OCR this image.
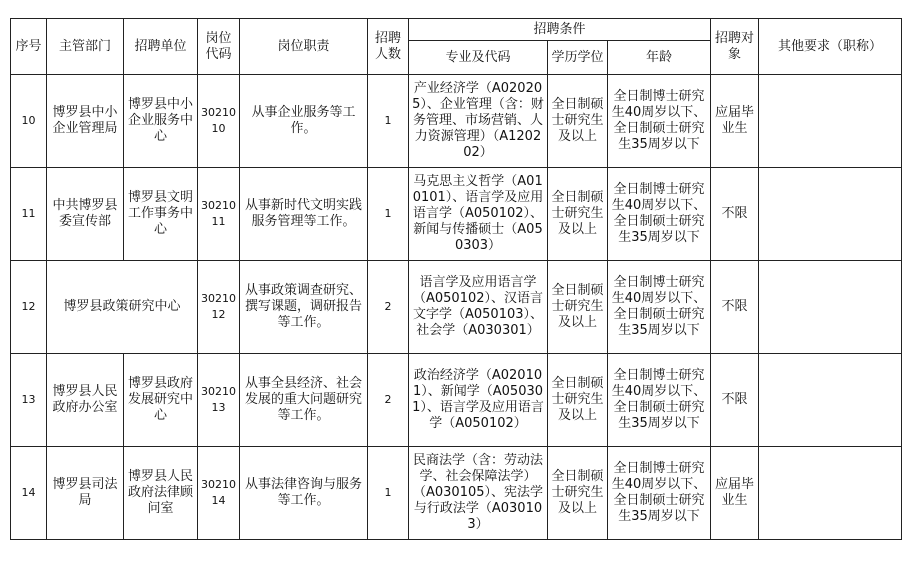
序号	主管部门	招聘单位	岗位代码	岗位职责	招聘人数	招聘条件			招聘对象	其他要求（职称）
						专业及代码	学历学位	年龄		
10	博罗县中小企业管理局	博罗县中小企业服务中心	3021010	从事企业服务等工作。	1	产业经济学（A020205）、企业管理（含：财务管理、市场营销、人力资源管理）（A120202）	全日制硕士研究生及以上	全日制博士研究生40周岁以下、全日制硕士研究生35周岁以下	应届毕业生	
11	中共博罗县委宣传部	博罗县文明工作事务中心	3021011	从事新时代文明实践服务管理等工作。	1	马克思主义哲学（A010101）、语言学及应用语言学（A050102）、新闻与传播硕士（A050303）	全日制硕士研究生及以上	全日制博士研究生40周岁以下、全日制硕士研究生35周岁以下	不限	
12	博罗县政策研究中心		3021012	从事政策调查研究、撰写课题，调研报告等工作。	2	语言学及应用语言学（A050102）、汉语言文字学（A050103）、社会学（A030301）	全日制硕士研究生及以上	全日制博士研究生40周岁以下、全日制硕士研究生35周岁以下	不限	
13	博罗县人民政府办公室	博罗县政府发展研究中心	3021013	从事全县经济、社会发展的重大问题研究等工作。	2	政治经济学（A020101）、新闻学（A050301）、语言学及应用语言学（A050102）	全日制硕士研究生及以上	全日制博士研究生40周岁以下、全日制硕士研究生35周岁以下	不限	
14	博罗县司法局	博罗县人民政府法律顾问室	3021014	从事法律咨询与服务等工作。	1	民商法学（含：劳动法学、社会保障法学）（A030105）、宪法学与行政法学（A030103）	全日制硕士研究生及以上	全日制博士研究生40周岁以下、全日制硕士研究生35周岁以下	应届毕业生	
